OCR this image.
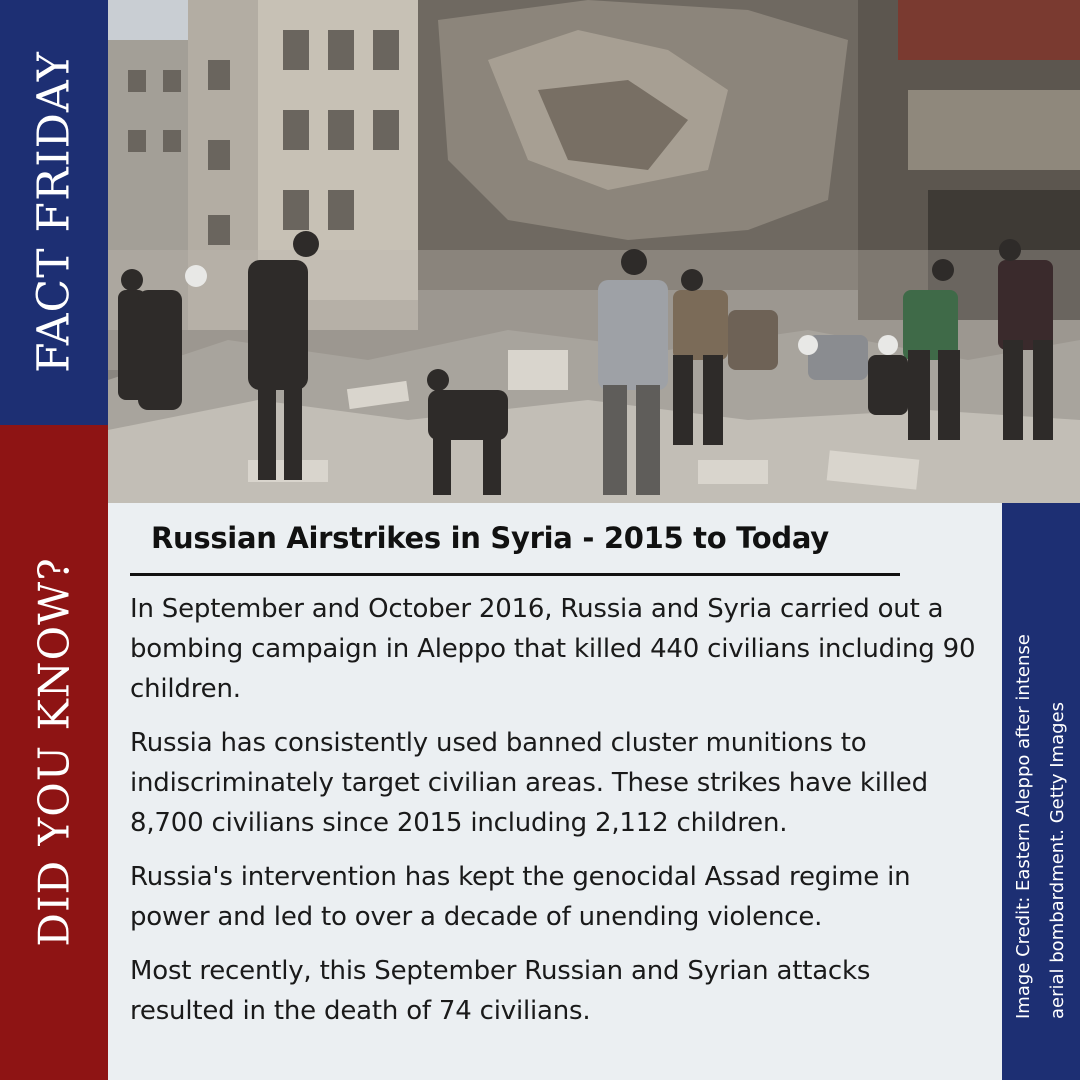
FACT FRIDAY
DID YOU KNOW?
Russian Airstrikes in Syria - 2015 to Today

In September and October 2016, Russia and Syria carried out a bombing campaign in Aleppo that killed 440 civilians including 90 children.

Russia has consistently used banned cluster munitions to indiscriminately target civilian areas. These strikes have killed 8,700 civilians since 2015 including 2,112 children.

Russia's intervention has kept the genocidal Assad regime in power and led to over a decade of unending violence.

Most recently, this September Russian and Syrian attacks resulted in the death of 74 civilians.	Image Credit: Eastern Aleppo after intense aerial bombardment. Getty Images
